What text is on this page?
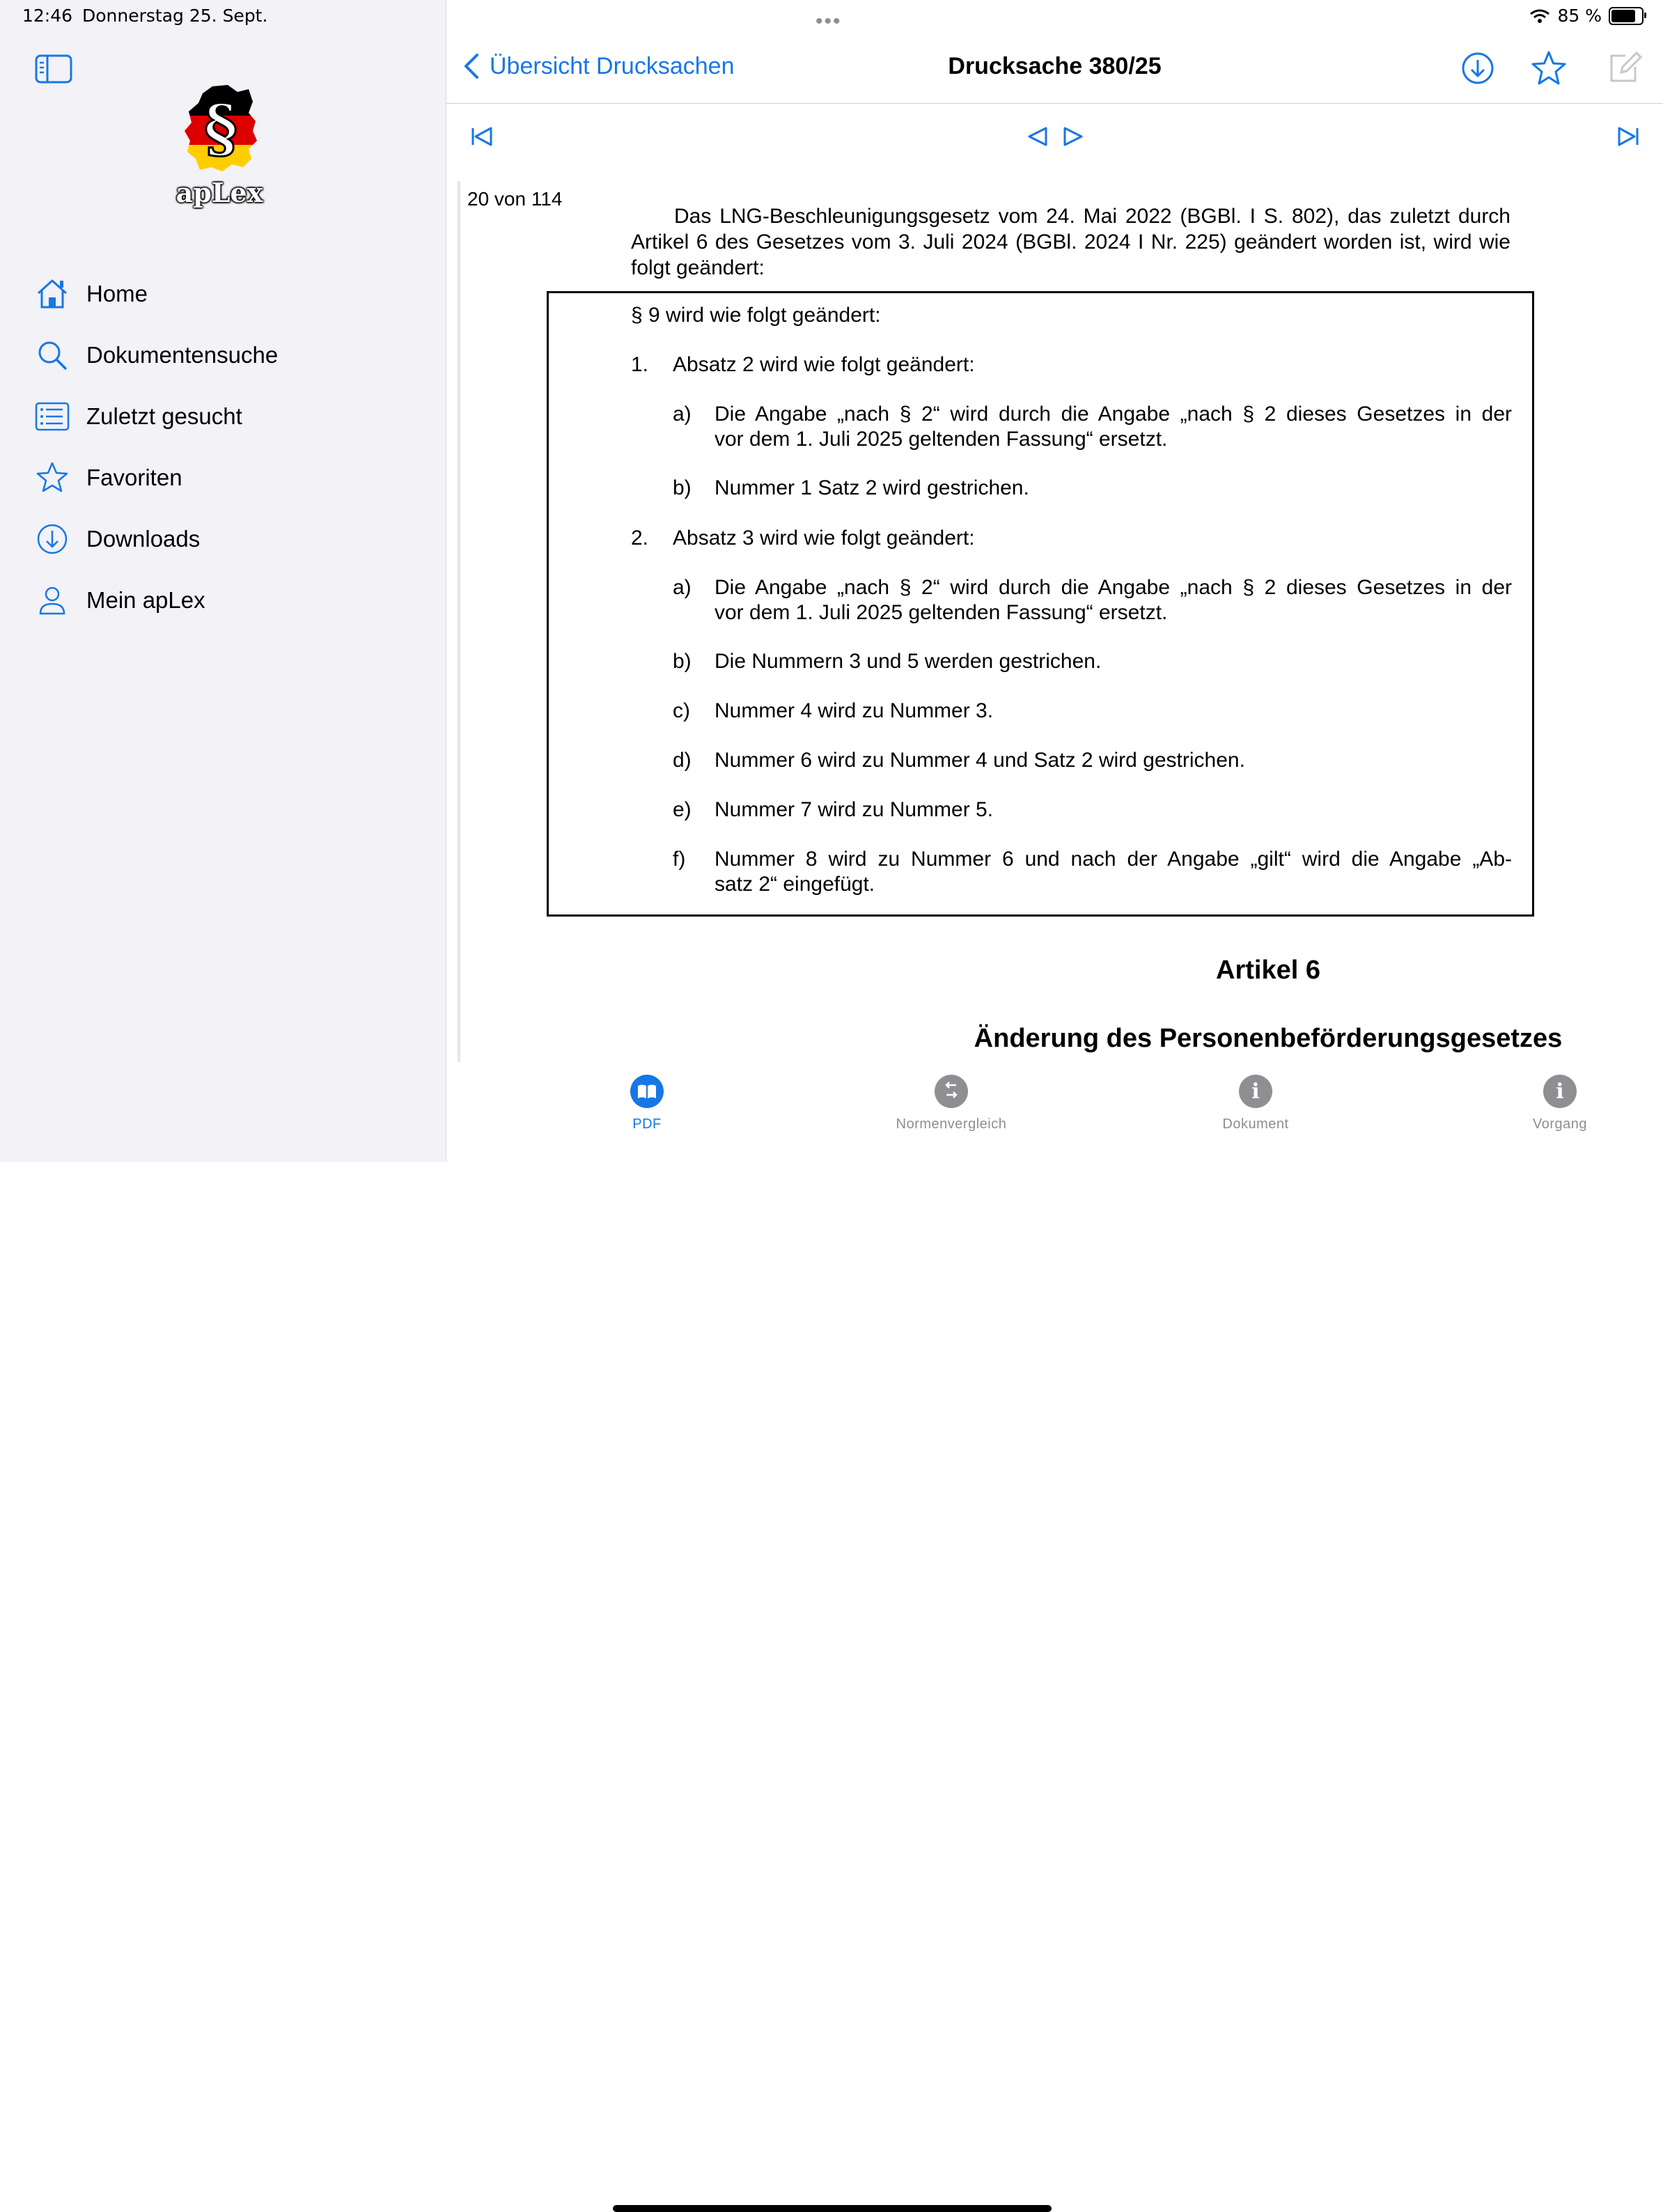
12:46 Donnerstag 25. Sept.
§
apLex
Home
Dokumentensuche
Zuletzt gesucht
Favoriten
Downloads
Mein apLex
•••	85 %
Übersicht Drucksachen	Drucksache 380/25
20 von 114
Das LNG-Beschleunigungsgesetz vom 24. Mai 2022 (BGBl. I S. 802), das zuletzt durch Artikel 6 des Gesetzes vom 3. Juli 2024 (BGBl. 2024 I Nr. 225) geändert worden ist, wird wie folgt geändert:
§ 9 wird wie folgt geändert:
1. Absatz 2 wird wie folgt geändert:
a) Die Angabe „nach § 2“ wird durch die Angabe „nach § 2 dieses Gesetzes in der
vor dem 1. Juli 2025 geltenden Fassung“ ersetzt.
b) Nummer 1 Satz 2 wird gestrichen.
2. Absatz 3 wird wie folgt geändert:
a) Die Angabe „nach § 2“ wird durch die Angabe „nach § 2 dieses Gesetzes in der
vor dem 1. Juli 2025 geltenden Fassung“ ersetzt.
b) Die Nummern 3 und 5 werden gestrichen.
c) Nummer 4 wird zu Nummer 3.
d) Nummer 6 wird zu Nummer 4 und Satz 2 wird gestrichen.
e) Nummer 7 wird zu Nummer 5.
f) Nummer 8 wird zu Nummer 6 und nach der Angabe „gilt“ wird die Angabe „Ab-
satz 2“ eingefügt.
Artikel 6
Änderung des Personenbeförderungsgesetzes
PDF	Normenvergleich
i
Dokument
i
Vorgang
